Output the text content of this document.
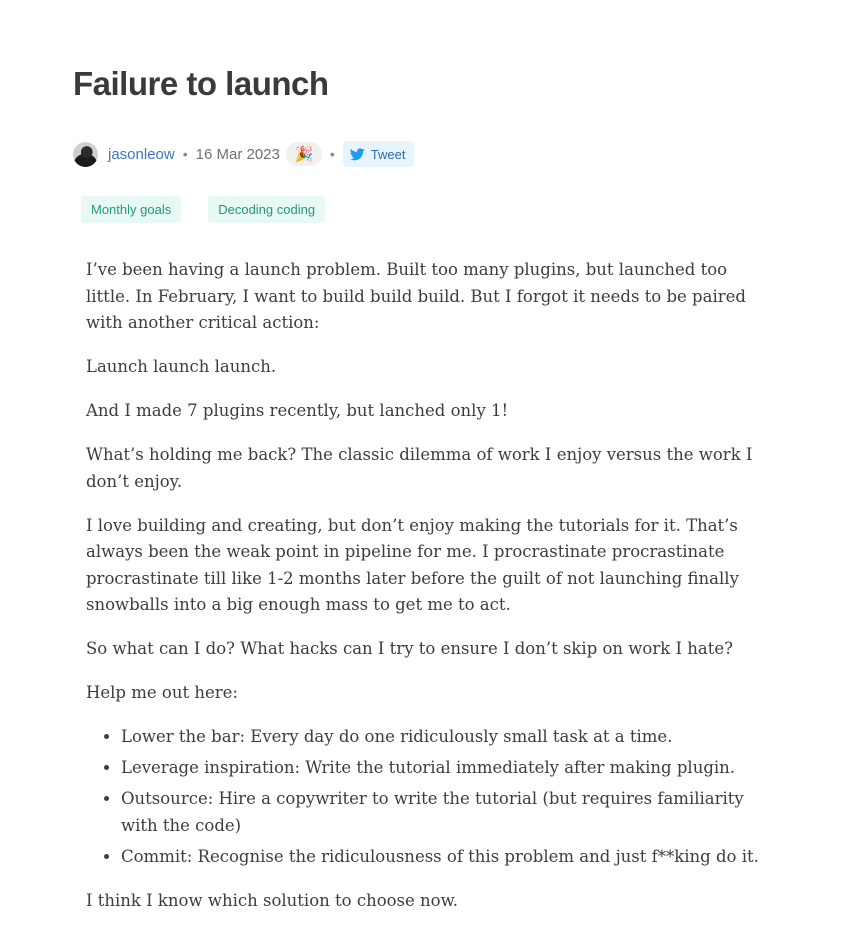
Failure to launch
jasonleow • 16 Mar 2023 🎉 •	Tweet
Monthly goals	Decoding coding

I’ve been having a launch problem. Built too many plugins, but launched too little. In February, I want to build build build. But I forgot it needs to be paired with another critical action:

Launch launch launch.

And I made 7 plugins recently, but lanched only 1!

What’s holding me back? The classic dilemma of work I enjoy versus the work I don’t enjoy.

I love building and creating, but don’t enjoy making the tutorials for it. That’s always been the weak point in pipeline for me. I procrastinate procrastinate procrastinate till like 1-2 months later before the guilt of not launching finally snowballs into a big enough mass to get me to act.

So what can I do? What hacks can I try to ensure I don’t skip on work I hate?

Help me out here:

• Lower the bar: Every day do one ridiculously small task at a time.
• Leverage inspiration: Write the tutorial immediately after making plugin.
• Outsource: Hire a copywriter to write the tutorial (but requires familiarity with the code)
• Commit: Recognise the ridiculousness of this problem and just f**king do it.

I think I know which solution to choose now.
